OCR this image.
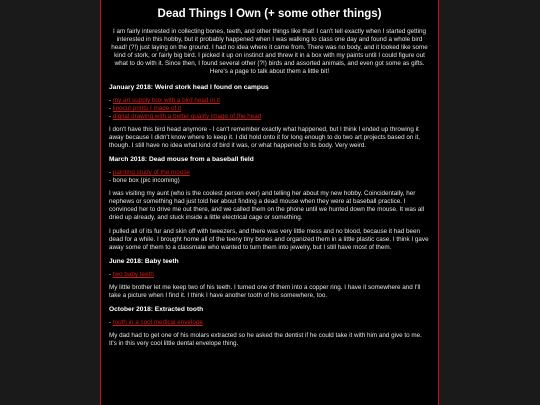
Dead Things I Own (+ some other things)

I am fairly interested in collecting bones, teeth, and other things like that! I can't tell exactly when I started getting interested in this hobby, but it probably happened when I was walking to class one day and found a whole bird head! (?!) just laying on the ground. I had no idea where it came from. There was no body, and it looked like some kind of stork, or fairly big bird. I picked it up on instinct and threw it in a box with my paints until I could figure out what to do with it. Since then, I found several other (?!) birds and assorted animals, and even got some as gifts. Here's a page to talk about them a little bit!

January 2018: Weird stork head I found on campus
- my art supply box with a bird head in it
- linocut prints I made of it
- digital drawing with a better quality image of the head

I don't have this bird head anymore - I can't remember exactly what happened, but I think I ended up throwing it away because I didn't know where to keep it. I did hold onto it for long enough to do two art projects based on it, though. I still have no idea what kind of bird it was, or what happened to its body. Very weird.

March 2018: Dead mouse from a baseball field
- painting study of the mouse
- bone box (pic incoming)

I was visiting my aunt (who is the coolest person ever) and telling her about my new hobby. Coincidentally, her nephews or something had just told her about finding a dead mouse when they were at baseball practice. I convinced her to drive me out there, and we called them on the phone until we hunted down the mouse. It was all dried up already, and stuck inside a little electrical cage or something.

I pulled all of its fur and skin off with tweezers, and there was very little mess and no blood, because it had been dead for a while. I brought home all of the teeny tiny bones and organized them in a little plastic case. I think I gave away some of them to a classmate who wanted to turn them into jewelry, but I still have most of them.

June 2018: Baby teeth
- two baby teeth

My little brother let me keep two of his teeth. I turned one of them into a copper ring. I have it somewhere and I'll take a picture when I find it. I think I have another tooth of his somewhere, too.

October 2018: Extracted tooth
- tooth in a cool medical envelope

My dad had to get one of his molars extracted so he asked the dentist if he could take it with him and give to me. It's in this very cool little dental envelope thing.
